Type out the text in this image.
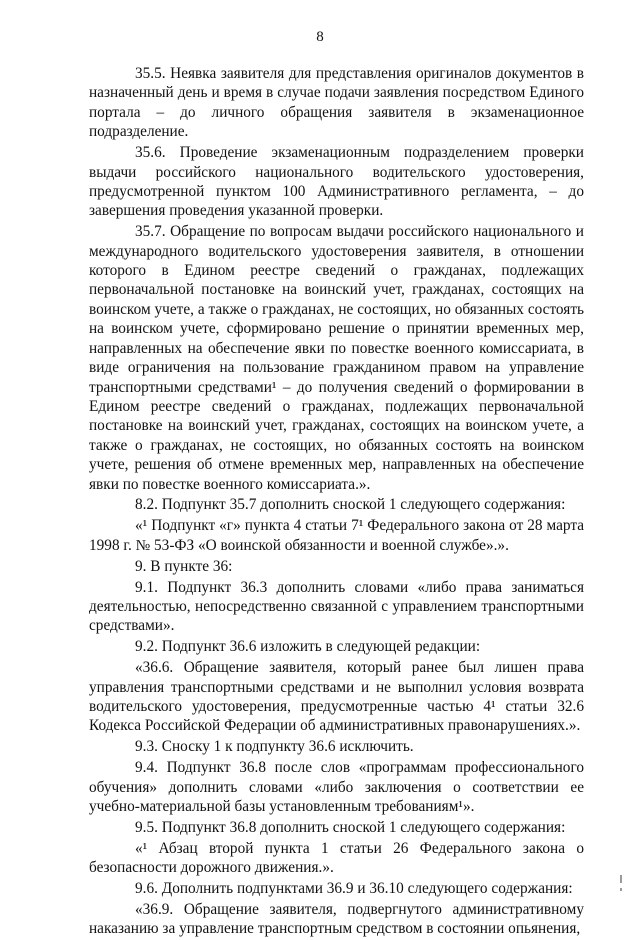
8

35.5. Неявка заявителя для представления оригиналов документов в назначенный день и время в случае подачи заявления посредством Единого портала – до личного обращения заявителя в экзаменационное подразделение.

35.6. Проведение экзаменационным подразделением проверки выдачи российского национального водительского удостоверения, предусмотренной пунктом 100 Административного регламента, – до завершения проведения указанной проверки.

35.7. Обращение по вопросам выдачи российского национального и международного водительского удостоверения заявителя, в отношении которого в Едином реестре сведений о гражданах, подлежащих первоначальной постановке на воинский учет, гражданах, состоящих на воинском учете, а также о гражданах, не состоящих, но обязанных состоять на воинском учете, сформировано решение о принятии временных мер, направленных на обеспечение явки по повестке военного комиссариата, в виде ограничения на пользование гражданином правом на управление транспортными средствами¹ – до получения сведений о формировании в Едином реестре сведений о гражданах, подлежащих первоначальной постановке на воинский учет, гражданах, состоящих на воинском учете, а также о гражданах, не состоящих, но обязанных состоять на воинском учете, решения об отмене временных мер, направленных на обеспечение явки по повестке военного комиссариата.».

8.2. Подпункт 35.7 дополнить сноской 1 следующего содержания:

«¹ Подпункт «г» пункта 4 статьи 7¹ Федерального закона от 28 марта 1998 г. № 53-ФЗ «О воинской обязанности и военной службе».».

9. В пункте 36:

9.1. Подпункт 36.3 дополнить словами «либо права заниматься деятельностью, непосредственно связанной с управлением транспортными средствами».

9.2. Подпункт 36.6 изложить в следующей редакции:

«36.6. Обращение заявителя, который ранее был лишен права управления транспортными средствами и не выполнил условия возврата водительского удостоверения, предусмотренные частью 4¹ статьи 32.6 Кодекса Российской Федерации об административных правонарушениях.».

9.3. Сноску 1 к подпункту 36.6 исключить.

9.4. Подпункт 36.8 после слов «программам профессионального обучения» дополнить словами «либо заключения о соответствии ее учебно-материальной базы установленным требованиям¹».

9.5. Подпункт 36.8 дополнить сноской 1 следующего содержания:

«¹ Абзац второй пункта 1 статьи 26 Федерального закона о безопасности дорожного движения.».

9.6. Дополнить подпунктами 36.9 и 36.10 следующего содержания:

«36.9. Обращение заявителя, подвергнутого административному наказанию за управление транспортным средством в состоянии опьянения,
